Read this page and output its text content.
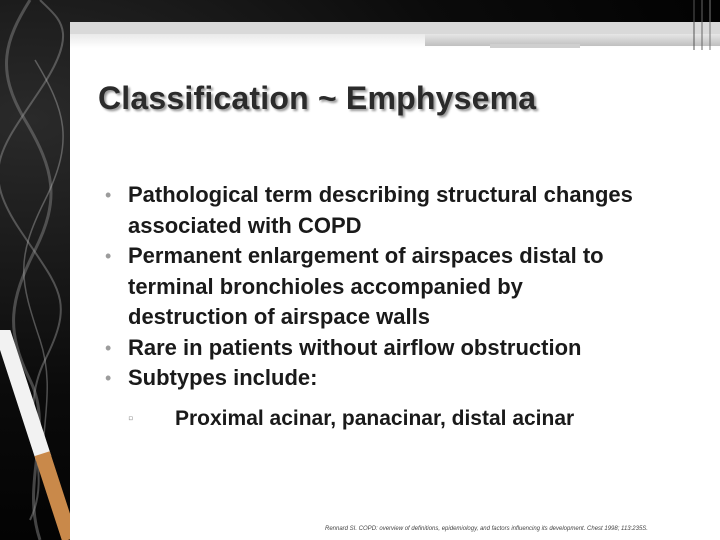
Classification ~ Emphysema
• Pathological term describing structural changes
associated with COPD
• Permanent enlargement of airspaces distal to
terminal bronchioles accompanied by
destruction of airspace walls
• Rare in patients without airflow obstruction
• Subtypes include:
▫ Proximal acinar, panacinar, distal acinar
Rennard SI. COPD: overview of definitions, epidemiology, and factors influencing its development. Chest 1998; 113:235S.
